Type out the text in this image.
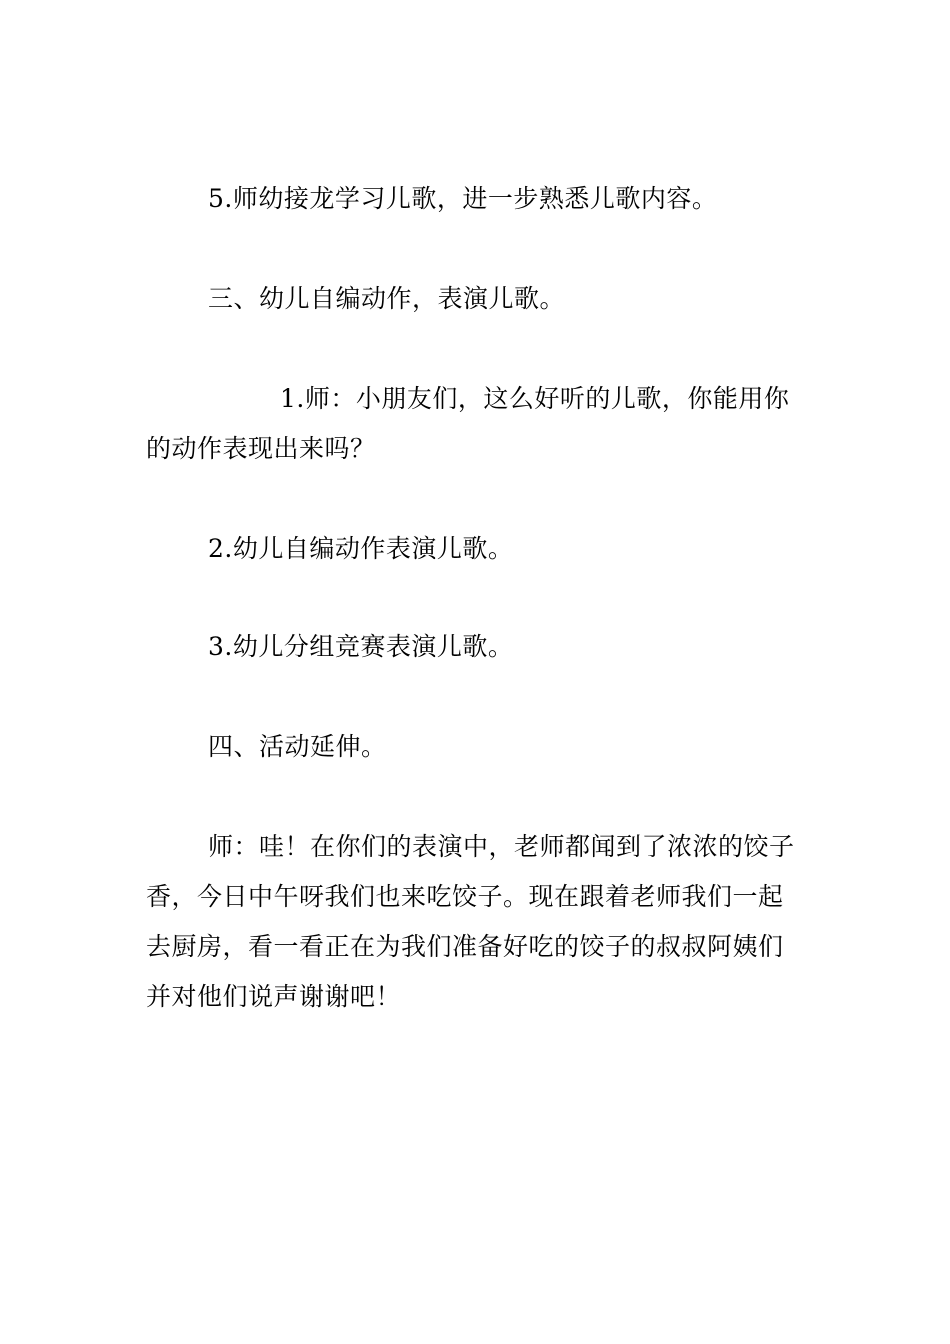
5.师幼接龙学习儿歌，进一步熟悉儿歌内容。

三、幼儿自编动作，表演儿歌。

1.师：小朋友们，这么好听的儿歌，你能用你的动作表现出来吗？

2.幼儿自编动作表演儿歌。

3.幼儿分组竞赛表演儿歌。

四、活动延伸。

师：哇！在你们的表演中，老师都闻到了浓浓的饺子香，今日中午呀我们也来吃饺子。现在跟着老师我们一起去厨房，看一看正在为我们准备好吃的饺子的叔叔阿姨们并对他们说声谢谢吧！
